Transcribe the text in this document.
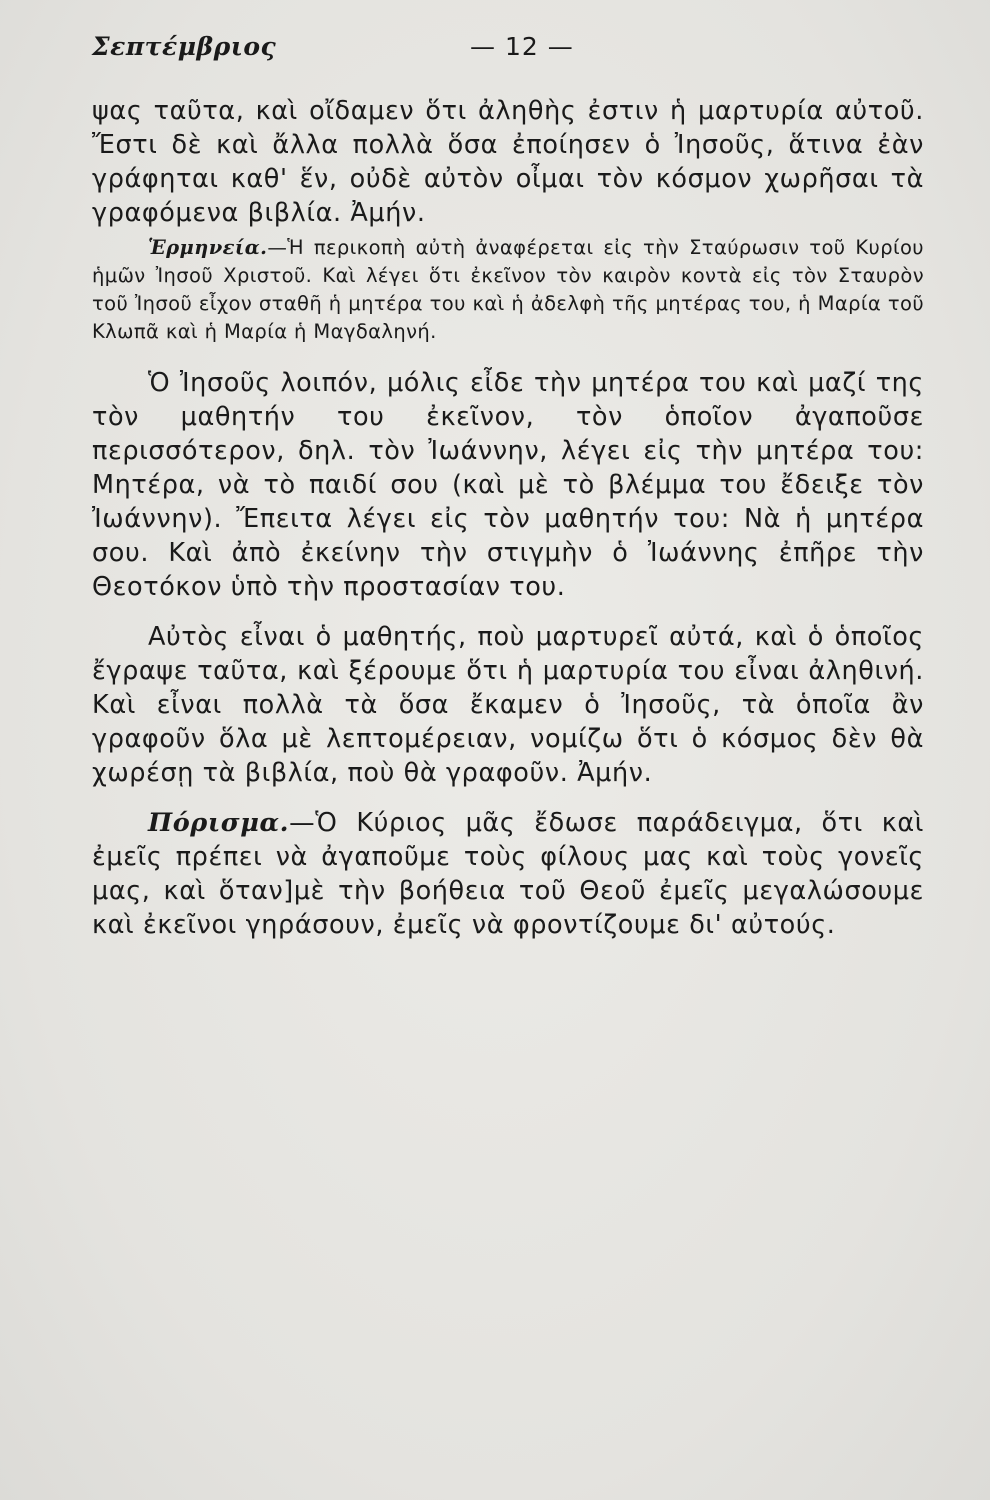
Σεπτέμβριος	— 12 —

ψας ταῦτα, καὶ οἴδαμεν ὅτι ἀληθὴς ἐστιν ἡ μαρτυρία αὐτοῦ. Ἔστι δὲ καὶ ἄλλα πολλὰ ὅσα ἐποίησεν ὁ Ἰησοῦς, ἅτινα ἐὰν γράφηται καθ' ἕν, οὐδὲ αὐτὸν οἶμαι τὸν κόσμον χωρῆσαι τὰ γραφόμενα βιβλία. Ἀμήν.

Ἑρμηνεία.—Ἡ περικοπὴ αὐτὴ ἀναφέρεται εἰς τὴν Σταύρωσιν τοῦ Κυρίου ἡμῶν Ἰησοῦ Χριστοῦ. Καὶ λέγει ὅτι ἐκεῖνον τὸν καιρὸν κοντὰ εἰς τὸν Σταυρὸν τοῦ Ἰησοῦ εἶχον σταθῆ ἡ μητέρα του καὶ ἡ ἀδελφὴ τῆς μητέρας του, ἡ Μαρία τοῦ Κλωπᾶ καὶ ἡ Μαρία ἡ Μαγδαληνή.

Ὁ Ἰησοῦς λοιπόν, μόλις εἶδε τὴν μητέρα του καὶ μαζί της τὸν μαθητήν του ἐκεῖνον, τὸν ὁποῖον ἀγαποῦσε περισσότερον, δηλ. τὸν Ἰωάννην, λέγει εἰς τὴν μητέρα του: Μητέρα, νὰ τὸ παιδί σου (καὶ μὲ τὸ βλέμμα του ἔδειξε τὸν Ἰωάννην). Ἔπειτα λέγει εἰς τὸν μαθητήν του: Νὰ ἡ μητέρα σου. Καὶ ἀπὸ ἐκείνην τὴν στιγμὴν ὁ Ἰωάννης ἐπῆρε τὴν Θεοτόκον ὑπὸ τὴν προστασίαν του.

Αὐτὸς εἶναι ὁ μαθητής, ποὺ μαρτυρεῖ αὐτά, καὶ ὁ ὁποῖος ἔγραψε ταῦτα, καὶ ξέρουμε ὅτι ἡ μαρτυρία του εἶναι ἀληθινή. Καὶ εἶναι πολλὰ τὰ ὅσα ἔκαμεν ὁ Ἰησοῦς, τὰ ὁποῖα ἂν γραφοῦν ὅλα μὲ λεπτομέρειαν, νομίζω ὅτι ὁ κόσμος δὲν θὰ χωρέσῃ τὰ βιβλία, ποὺ θὰ γραφοῦν. Ἀμήν.

Πόρισμα.—Ὁ Κύριος μᾶς ἔδωσε παράδειγμα, ὅτι καὶ ἐμεῖς πρέπει νὰ ἀγαποῦμε τοὺς φίλους μας καὶ τοὺς γονεῖς μας, καὶ ὅταν]μὲ τὴν βοήθεια τοῦ Θεοῦ ἐμεῖς μεγαλώσουμε καὶ ἐκεῖνοι γηράσουν, ἐμεῖς νὰ φροντίζουμε δι' αὐτούς.
